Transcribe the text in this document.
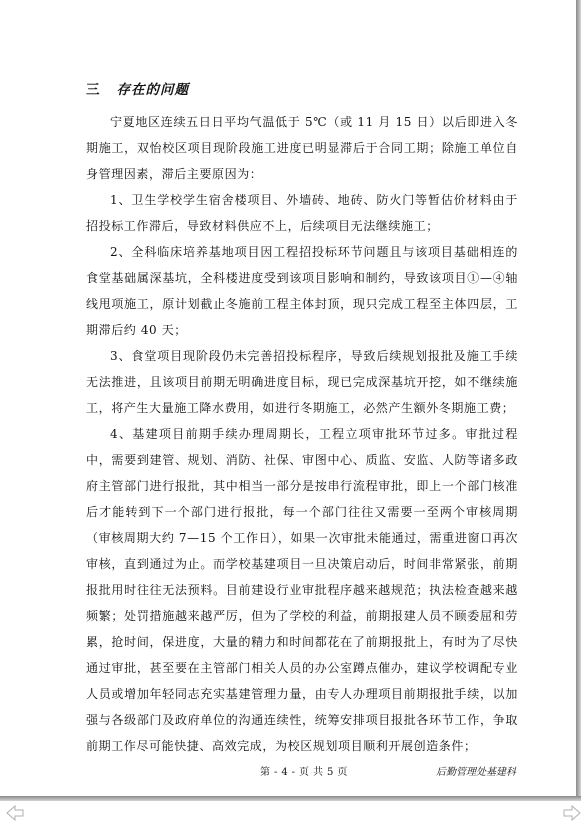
三 存在的问题

宁夏地区连续五日日平均气温低于 5℃（或 11 月 15 日）以后即进入冬期施工，双怡校区项目现阶段施工进度已明显滞后于合同工期；除施工单位自身管理因素，滞后主要原因为：

1、卫生学校学生宿舍楼项目、外墙砖、地砖、防火门等暂估价材料由于招投标工作滞后，导致材料供应不上，后续项目无法继续施工；

2、全科临床培养基地项目因工程招投标环节问题且与该项目基础相连的食堂基础属深基坑，全科楼进度受到该项目影响和制约，导致该项目①—④轴线甩项施工，原计划截止冬施前工程主体封顶，现只完成工程至主体四层，工期滞后约 40 天；

3、食堂项目现阶段仍未完善招投标程序，导致后续规划报批及施工手续无法推进，且该项目前期无明确进度目标，现已完成深基坑开挖，如不继续施工，将产生大量施工降水费用，如进行冬期施工，必然产生额外冬期施工费；

4、基建项目前期手续办理周期长，工程立项审批环节过多。审批过程中，需要到建管、规划、消防、社保、审图中心、质监、安监、人防等诸多政府主管部门进行报批，其中相当一部分是按串行流程审批，即上一个部门核准后才能转到下一个部门进行报批，每一个部门往往又需要一至两个审核周期（审核周期大约 7—15 个工作日），如果一次审批未能通过，需重进窗口再次审核，直到通过为止。而学校基建项目一旦决策启动后，时间非常紧张，前期报批用时往往无法预料。目前建设行业审批程序越来越规范；执法检查越来越频繁；处罚措施越来越严厉，但为了学校的利益，前期报建人员不顾委屈和劳累，抢时间，保进度，大量的精力和时间都花在了前期报批上，有时为了尽快通过审批，甚至要在主管部门相关人员的办公室蹲点催办，建议学校调配专业人员或增加年轻同志充实基建管理力量，由专人办理项目前期报批手续，以加强与各级部门及政府单位的沟通连续性，统筹安排项目报批各环节工作，争取前期工作尽可能快捷、高效完成，为校区规划项目顺利开展创造条件；

第 - 4 - 页 共 5 页	后勤管理处基建科
